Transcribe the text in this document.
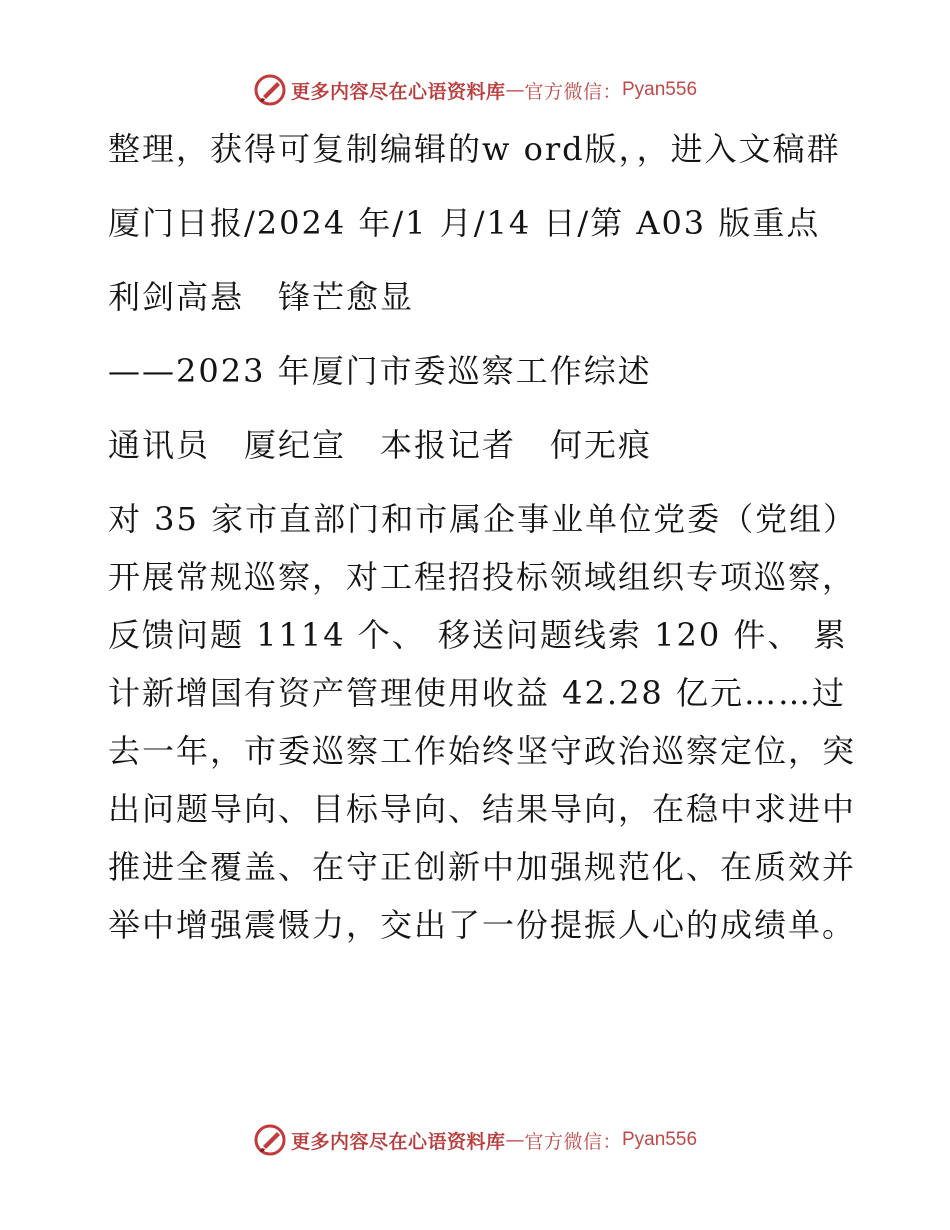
更多内容尽在心语资料库 — 官方微信： Pyan556

整理，获得可复制编辑的w ord版，，进入文稿群

厦门日报/2024 年/1 月/14 日/第 A03 版重点

利剑高悬　锋芒愈显

——2023 年厦门市委巡察工作综述

通讯员　厦纪宣　本报记者　何无痕

对 35 家市直部门和市属企事业单位党委（党组）开展常规巡察，对工程招投标领域组织专项巡察， 反馈问题 1114 个、 移送问题线索 120 件、 累计新增国有资产管理使用收益 42.28 亿元……过去一年，市委巡察工作始终坚守政治巡察定位，突出问题导向、目标导向、结果导向，在稳中求进中推进全覆盖、在守正创新中加强规范化、在质效并举中增强震慑力，交出了一份提振人心的成绩单。

更多内容尽在心语资料库 — 官方微信： Pyan556
